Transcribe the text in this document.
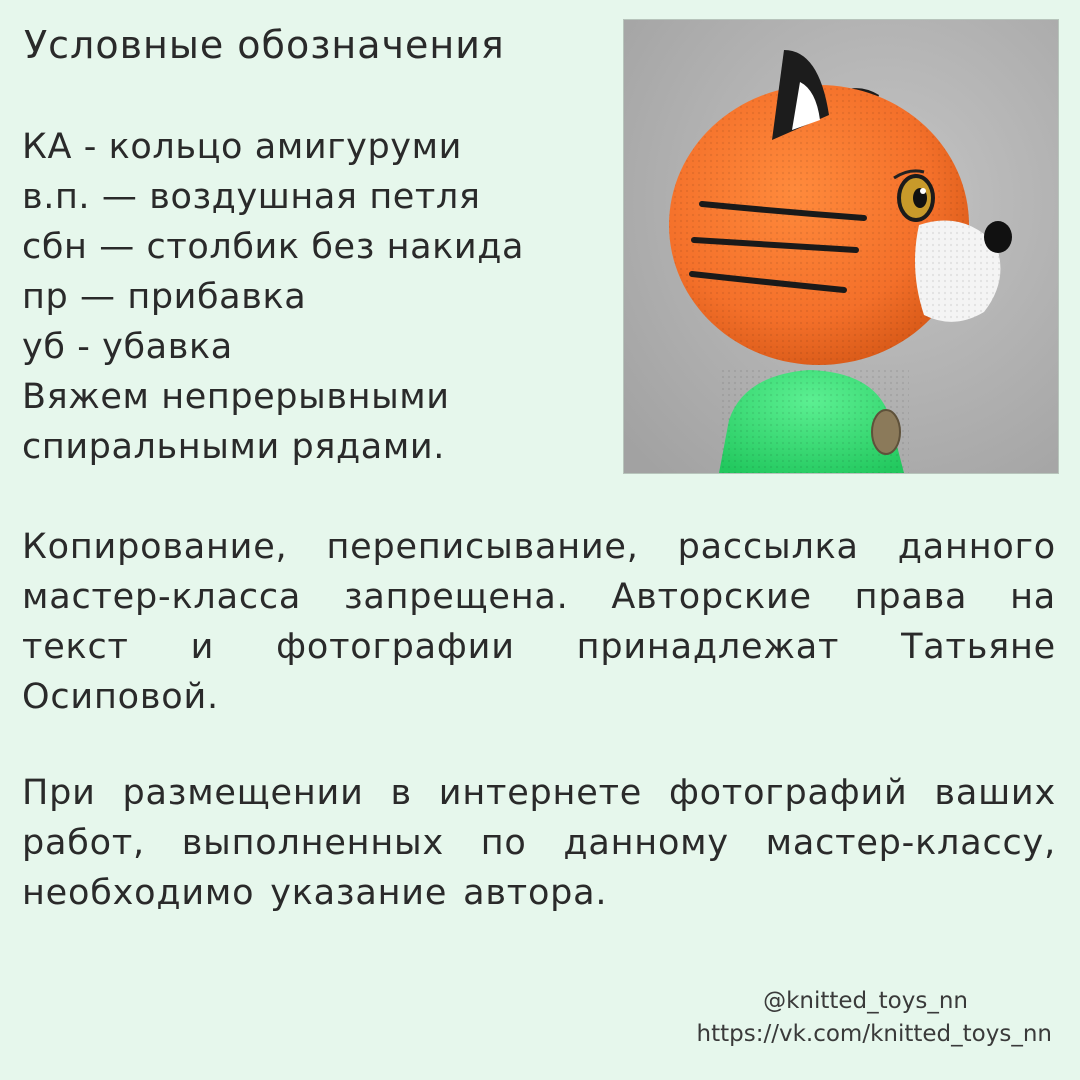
Условные обозначения
КА - кольцо амигуруми
в.п. — воздушная петля
сбн — столбик без накида
пр — прибавка
уб - убавка
Вяжем непрерывными
спиральными рядами.
Копирование, переписывание, рассылка данного мастер-класса запрещена. Авторские права на текст и фотографии принадлежат Татьяне Осиповой.
При размещении в интернете фотографий ваших работ, выполненных по данному мастер-классу, необходимо указание автора.
@knitted_toys_nn
https://vk.com/knitted_toys_nn
